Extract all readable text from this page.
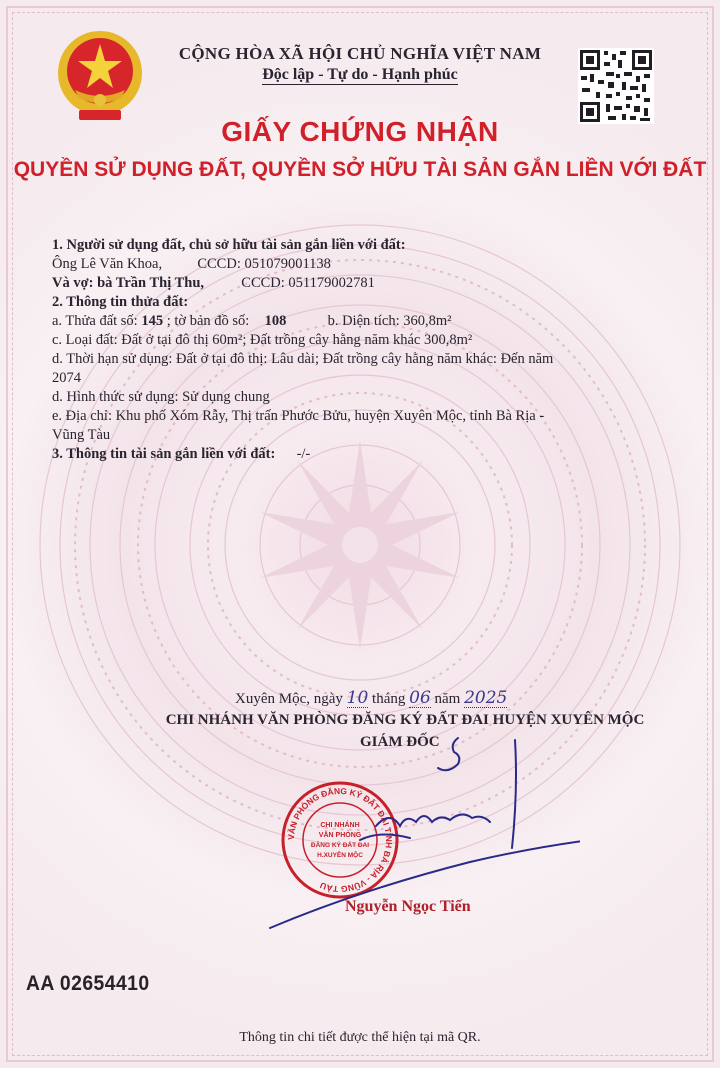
CỘNG HÒA XÃ HỘI CHỦ NGHĨA VIỆT NAM
Độc lập - Tự do - Hạnh phúc
GIẤY CHỨNG NHẬN
QUYỀN SỬ DỤNG ĐẤT, QUYỀN SỞ HỮU TÀI SẢN GẮN LIỀN VỚI ĐẤT
1. Người sử dụng đất, chủ sở hữu tài sản gắn liền với đất:
Ông Lê Văn Khoa, CCCD: 051079001138
Và vợ: bà Trần Thị Thu,	CCCD: 051179002781
2. Thông tin thửa đất:
a. Thửa đất số: 145 ; tờ bản đồ số: 108	b. Diện tích: 360,8m²
c. Loại đất: Đất ở tại đô thị 60m²; Đất trồng cây hằng năm khác 300,8m²
d. Thời hạn sử dụng: Đất ở tại đô thị: Lâu dài; Đất trồng cây hằng năm khác: Đến năm
2074
d. Hình thức sử dụng: Sử dụng chung
e. Địa chỉ: Khu phố Xóm Rẫy, Thị trấn Phước Bửu, huyện Xuyên Mộc, tỉnh Bà Rịa -
Vũng Tàu
3. Thông tin tài sản gắn liền với đất: -/-
Xuyên Mộc, ngày 10 tháng 06 năm 2025
CHI NHÁNH VĂN PHÒNG ĐĂNG KÝ ĐẤT ĐAI HUYỆN XUYÊN MỘC
GIÁM ĐỐC
VĂN PHÒNG ĐĂNG KÝ ĐẤT ĐAI TỈNH BÀ RỊA - VŨNG TÀU
CHI NHÁNH
VĂN PHÒNG
ĐĂNG KÝ ĐẤT ĐAI
H.XUYÊN MỘC
Nguyễn Ngọc Tiến
AA 02654410
Thông tin chi tiết được thể hiện tại mã QR.
